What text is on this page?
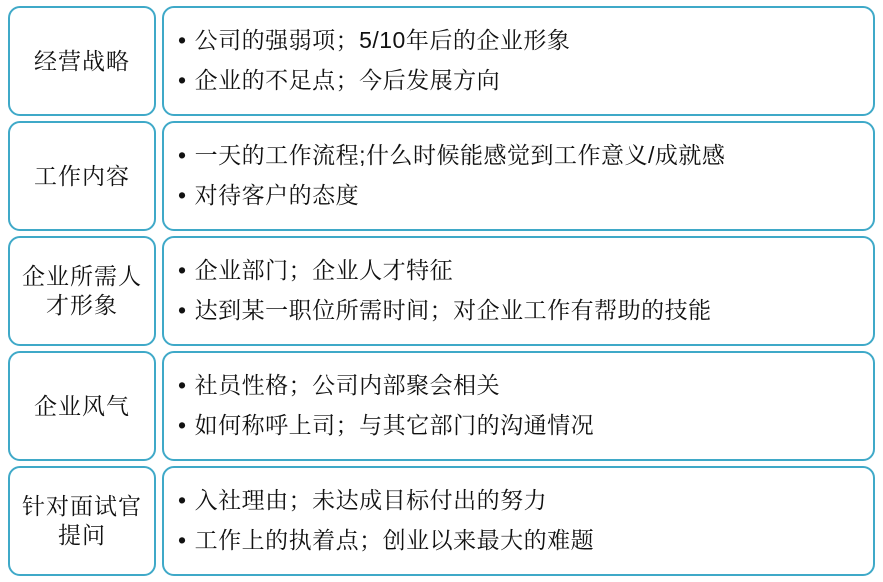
经营战略
• 公司的强弱项；5/10年后的企业形象
• 企业的不足点；今后发展方向
工作内容
• 一天的工作流程;什么时候能感觉到工作意义/成就感
• 对待客户的态度
企业所需人才形象
• 企业部门；企业人才特征
• 达到某一职位所需时间；对企业工作有帮助的技能
企业风气
• 社员性格；公司内部聚会相关
• 如何称呼上司；与其它部门的沟通情况
针对面试官提问
• 入社理由；未达成目标付出的努力
• 工作上的执着点；创业以来最大的难题
